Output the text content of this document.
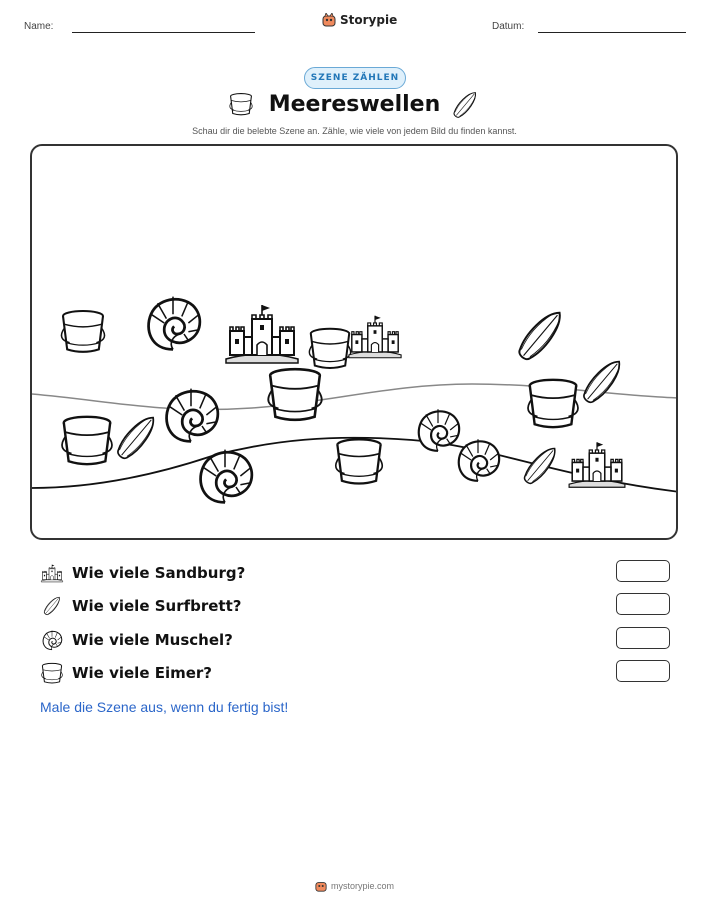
Name:	Storypie	Datum:
SZENE ZÄHLEN
Meereswellen
Schau dir die belebte Szene an. Zähle, wie viele von jedem Bild du finden kannst.
Wie viele Sandburg?
Wie viele Surfbrett?
Wie viele Muschel?
Wie viele Eimer?
Male die Szene aus, wenn du fertig bist!
mystorypie.com
